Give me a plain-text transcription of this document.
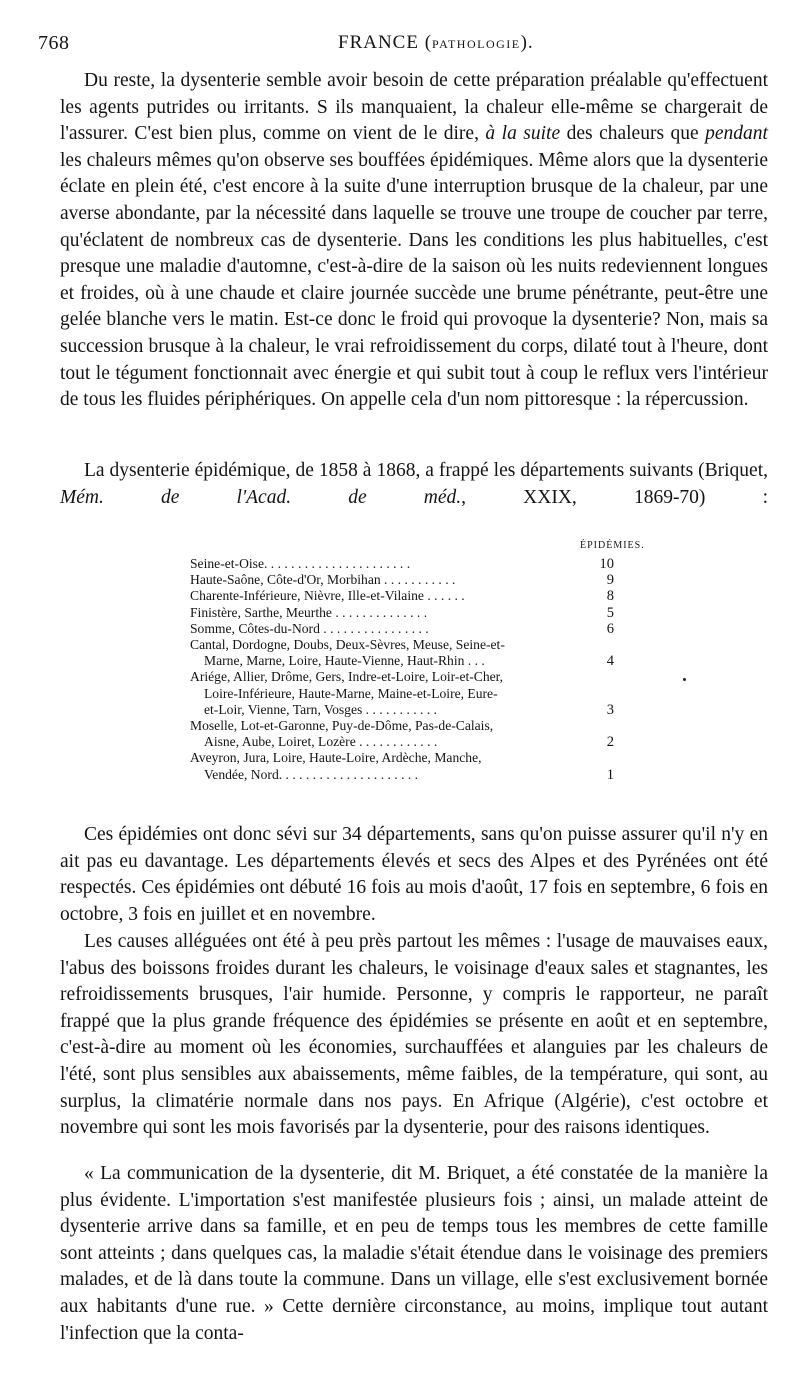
768	FRANCE (PATHOLOGIE).

Du reste, la dysenterie semble avoir besoin de cette préparation préalable qu'effectuent les agents putrides ou irritants. S ils manquaient, la chaleur elle-même se chargerait de l'assurer. C'est bien plus, comme on vient de le dire, à la suite des chaleurs que pendant les chaleurs mêmes qu'on observe ses bouffées épidémiques. Même alors que la dysenterie éclate en plein été, c'est encore à la suite d'une interruption brusque de la chaleur, par une averse abondante, par la nécessité dans laquelle se trouve une troupe de coucher par terre, qu'éclatent de nombreux cas de dysenterie. Dans les conditions les plus habituelles, c'est presque une maladie d'automne, c'est-à-dire de la saison où les nuits redeviennent longues et froides, où à une chaude et claire journée succède une brume pénétrante, peut-être une gelée blanche vers le matin. Est-ce donc le froid qui provoque la dysenterie? Non, mais sa succession brusque à la chaleur, le vrai refroidissement du corps, dilaté tout à l'heure, dont tout le tégument fonctionnait avec énergie et qui subit tout à coup le reflux vers l'intérieur de tous les fluides périphériques. On appelle cela d'un nom pittoresque : la répercussion.

La dysenterie épidémique, de 1858 à 1868, a frappé les départements suivants (Briquet, Mém. de l'Acad. de méd., XXIX, 1869-70) :

ÉPIDÉMIES.
Seine-et-Oise. . . . . . . . . . . . . . . . . . . . . .	10
Haute-Saône, Côte-d'Or, Morbihan . . . . . . . . . . .	9
Charente-Inférieure, Nièvre, Ille-et-Vilaine . . . . . .	8
Finistère, Sarthe, Meurthe . . . . . . . . . . . . . .	5
Somme, Côtes-du-Nord . . . . . . . . . . . . . . . .	6
Cantal, Dordogne, Doubs, Deux-Sèvres, Meuse, Seine-et-
Marne, Marne, Loire, Haute-Vienne, Haut-Rhin . . .	4
Ariége, Allier, Drôme, Gers, Indre-et-Loire, Loir-et-Cher,
Loire-Inférieure, Haute-Marne, Maine-et-Loire, Eure-
et-Loir, Vienne, Tarn, Vosges . . . . . . . . . . .	3
Moselle, Lot-et-Garonne, Puy-de-Dôme, Pas-de-Calais,
Aisne, Aube, Loiret, Lozère . . . . . . . . . . . .	2
Aveyron, Jura, Loire, Haute-Loire, Ardèche, Manche,
Vendée, Nord. . . . . . . . . . . . . . . . . . . . .	1

Ces épidémies ont donc sévi sur 34 départements, sans qu'on puisse assurer qu'il n'y en ait pas eu davantage. Les départements élevés et secs des Alpes et des Pyrénées ont été respectés. Ces épidémies ont débuté 16 fois au mois d'août, 17 fois en septembre, 6 fois en octobre, 3 fois en juillet et en novembre.

Les causes alléguées ont été à peu près partout les mêmes : l'usage de mauvaises eaux, l'abus des boissons froides durant les chaleurs, le voisinage d'eaux sales et stagnantes, les refroidissements brusques, l'air humide. Personne, y compris le rapporteur, ne paraît frappé que la plus grande fréquence des épidémies se présente en août et en septembre, c'est-à-dire au moment où les économies, surchauffées et alanguies par les chaleurs de l'été, sont plus sensibles aux abaissements, même faibles, de la température, qui sont, au surplus, la climatérie normale dans nos pays. En Afrique (Algérie), c'est octobre et novembre qui sont les mois favorisés par la dysenterie, pour des raisons identiques.

« La communication de la dysenterie, dit M. Briquet, a été constatée de la manière la plus évidente. L'importation s'est manifestée plusieurs fois ; ainsi, un malade atteint de dysenterie arrive dans sa famille, et en peu de temps tous les membres de cette famille sont atteints ; dans quelques cas, la maladie s'était étendue dans le voisinage des premiers malades, et de là dans toute la commune. Dans un village, elle s'est exclusivement bornée aux habitants d'une rue. » Cette dernière circonstance, au moins, implique tout autant l'infection que la conta-
